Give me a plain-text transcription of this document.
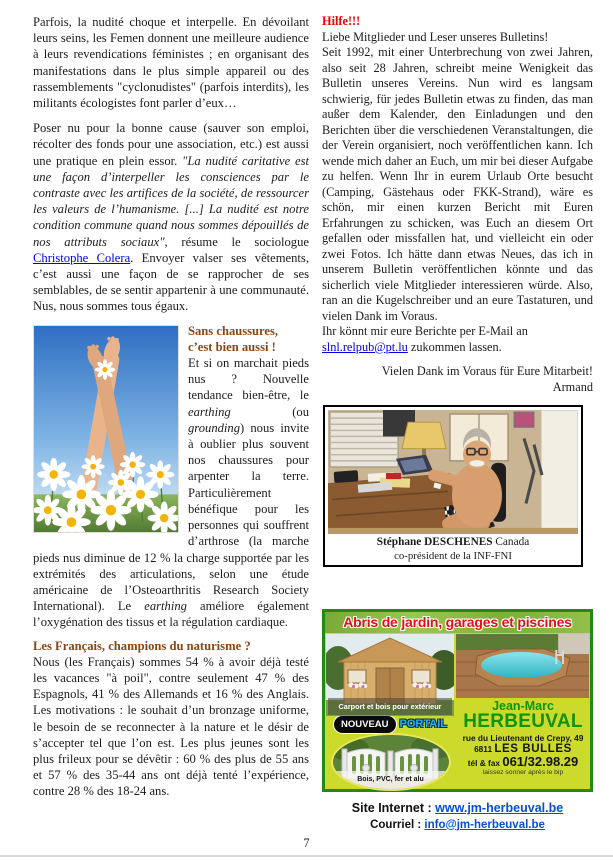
Parfois, la nudité choque et interpelle. En dévoilant leurs seins, les Femen donnent une meilleure audience à leurs revendications féministes ; en organisant des manifestations dans le plus simple appareil ou des rassemblements "cyclonudistes" (parfois interdits), les militants écologistes font parler d’eux…

Poser nu pour la bonne cause (sauver son emploi, récolter des fonds pour une association, etc.) est aussi une pratique en plein essor. "La nudité caritative est une façon d’interpeller les consciences par le contraste avec les artifices de la société, de ressourcer les valeurs de l’humanisme. [...] La nudité est notre condition commune quand nous sommes dépouillés de nos attributs sociaux", résume le sociologue Christophe Colera. Envoyer valser ses vêtements, c’est aussi une façon de se rapprocher de ses semblables, de se sentir appartenir à une communauté. Nus, nous sommes tous égaux.

Sans chaussures,
c’est bien aussi !

Et si on marchait pieds nus ? Nouvelle tendance bien-être, le earthing (ou grounding) nous invite à oublier plus souvent nos chaussures pour arpenter la terre. Particulièrement bénéfique pour les personnes qui souffrent d’arthrose (la marche pieds nus diminue de 12 % la charge supportée par les extrémités des articulations, selon une étude américaine de l’Osteoarthritis Research Society International). Le earthing améliore également l’oxygénation des tissus et la régulation cardiaque.

Les Français, champions du naturisme ?

Nous (les Français) sommes 54 % à avoir déjà testé les vacances "à poil", contre seulement 47 % des Espagnols, 41 % des Allemands et 16 % des Anglais. Les motivations : le souhait d’un bronzage uniforme, le besoin de se reconnecter à la nature et le désir de s’accepter tel que l’on est. Les plus jeunes sont les plus frileux pour se dévêtir : 60 % des plus de 55 ans et 57 % des 35-44 ans ont déjà tenté l’expérience, contre 28 % des 18-24 ans.

Hilfe!!!

Liebe Mitglieder und Leser unseres Bulletins!

Seit 1992, mit einer Unterbrechung von zwei Jahren, also seit 28 Jahren, schreibt meine Wenigkeit das Bulletin unseres Vereins. Nun wird es langsam schwierig, für jedes Bulletin etwas zu finden, das man außer dem Kalender, den Einladungen und den Berichten über die verschiedenen Veranstaltungen, die der Verein organisiert, noch veröffentlichen kann. Ich wende mich daher an Euch, um mir bei dieser Aufgabe zu helfen. Wenn Ihr in eurem Urlaub Orte besucht (Camping, Gästehaus oder FKK-Strand), wäre es schön, mir einen kurzen Bericht mit Euren Erfahrungen zu schicken, was Euch an diesem Ort gefallen oder missfallen hat, und vielleicht ein oder zwei Fotos. Ich hätte dann etwas Neues, das ich in unserem Bulletin veröffentlichen könnte und das sicherlich viele Mitglieder interessieren würde. Also, ran an die Kugelschreiber und an eure Tastaturen, und vielen Dank im Voraus.

Ihr könnt mir eure Berichte per E-Mail an
slnl.relpub@pt.lu zukommen lassen.

Vielen Dank im Voraus für Eure Mitarbeit!
Armand

Stéphane DESCHENES Canada
co-président de la INF-FNI
Abris de jardin, garages et piscines
Carport et bois pour extérieur
NOUVEAU	PORTAIL
Bois, PVC, fer et alu
Jean-Marc
HERBEUVAL
rue du Lieutenant de Crepy, 49
6811 LES BULLES
tél & fax 061/32.98.29
laissez sonner après le bip
Site Internet : www.jm-herbeuval.be
Courriel : info@jm-herbeuval.be
7
